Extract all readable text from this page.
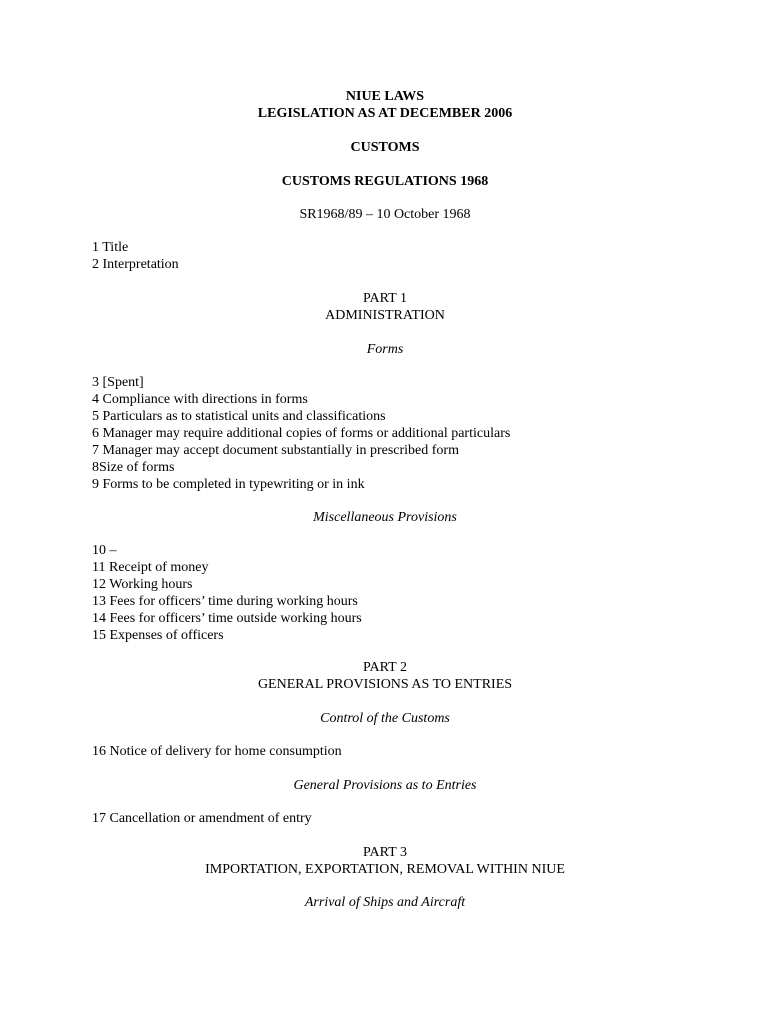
NIUE LAWS
LEGISLATION AS AT DECEMBER 2006
CUSTOMS
CUSTOMS REGULATIONS 1968
SR1968/89 – 10 October 1968
1 Title
2 Interpretation
PART 1
ADMINISTRATION
Forms
3 [Spent]
4 Compliance with directions in forms
5 Particulars as to statistical units and classifications
6 Manager may require additional copies of forms or additional particulars
7 Manager may accept document substantially in prescribed form
8Size of forms
9 Forms to be completed in typewriting or in ink
Miscellaneous Provisions
10 –
11 Receipt of money
12 Working hours
13 Fees for officers’ time during working hours
14 Fees for officers’ time outside working hours
15 Expenses of officers
PART 2
GENERAL PROVISIONS AS TO ENTRIES
Control of the Customs
16 Notice of delivery for home consumption
General Provisions as to Entries
17 Cancellation or amendment of entry
PART 3
IMPORTATION, EXPORTATION, REMOVAL WITHIN NIUE
Arrival of Ships and Aircraft
